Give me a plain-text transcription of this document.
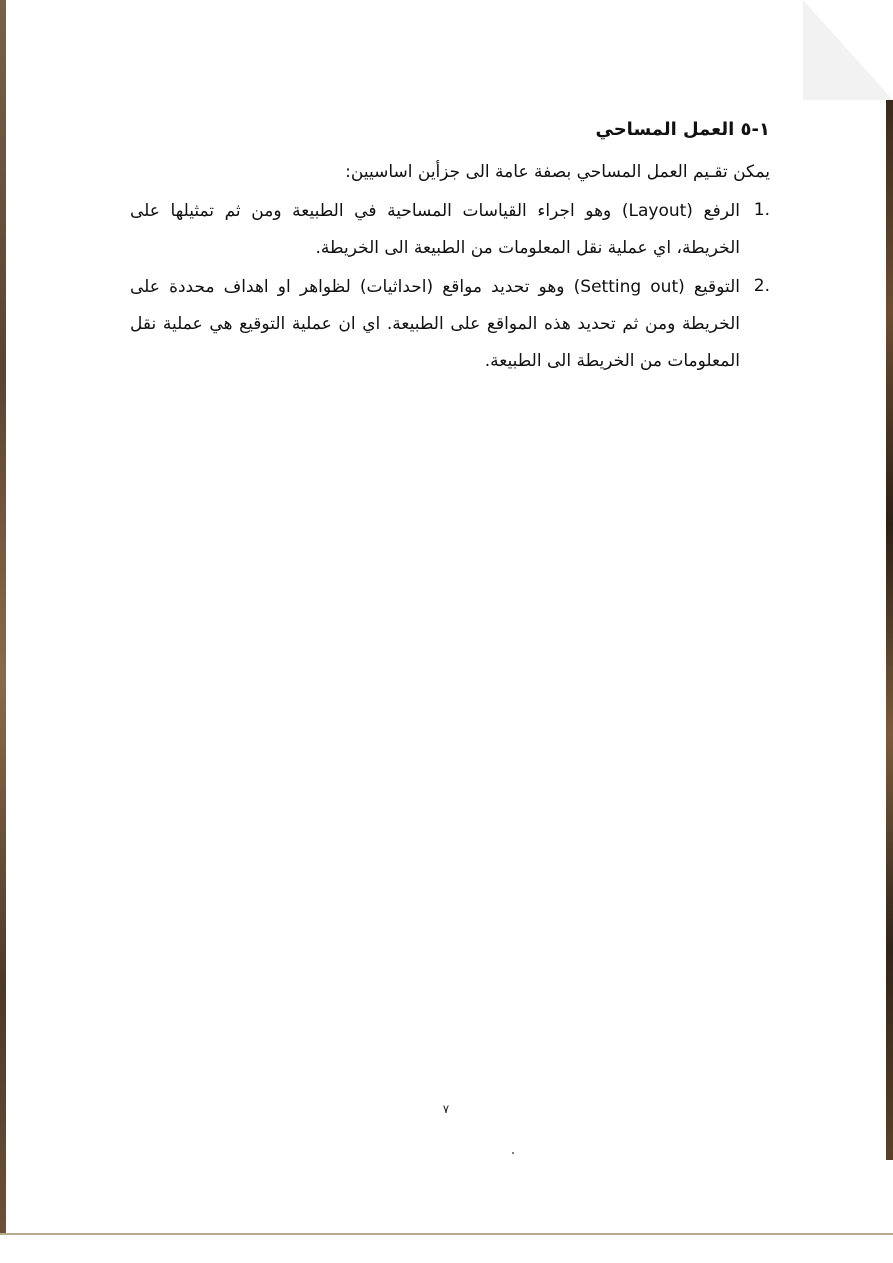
١-٥ العمل المساحي
يمكن تقـيم العمل المساحي بصفة عامة الى جزأين اساسيين:
1.
الرفع (Layout) وهو اجراء القياسات المساحية في الطبيعة ومن ثم تمثيلها على الخريطة، اي عملية نقل المعلومات من الطبيعة الى الخريطة.
2.
التوقيع (Setting out) وهو تحديد مواقع (احداثيات) لظواهر او اهداف محددة على الخريطة ومن ثم تحديد هذه المواقع على الطبيعة. اي ان عملية التوقيع هي عملية نقل المعلومات من الخريطة الى الطبيعة.
٧
